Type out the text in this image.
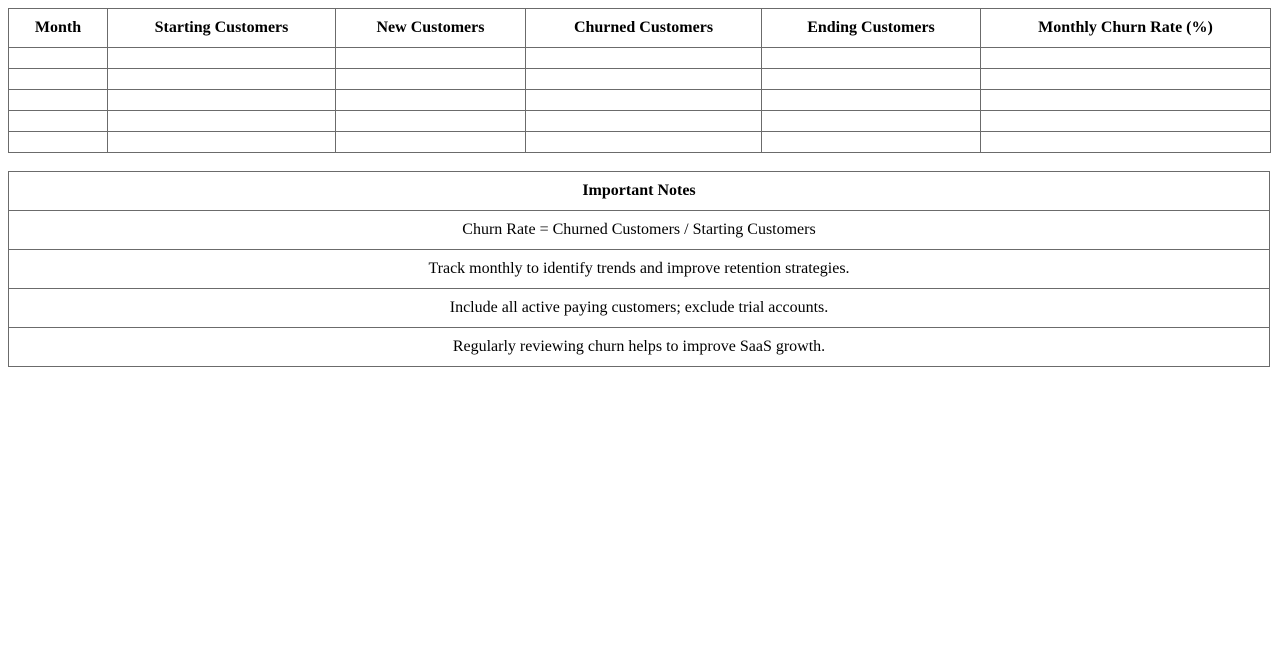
Month	Starting Customers	New Customers	Churned Customers	Ending Customers	Monthly Churn Rate (%)

Important Notes
Churn Rate = Churned Customers / Starting Customers
Track monthly to identify trends and improve retention strategies.
Include all active paying customers; exclude trial accounts.
Regularly reviewing churn helps to improve SaaS growth.
